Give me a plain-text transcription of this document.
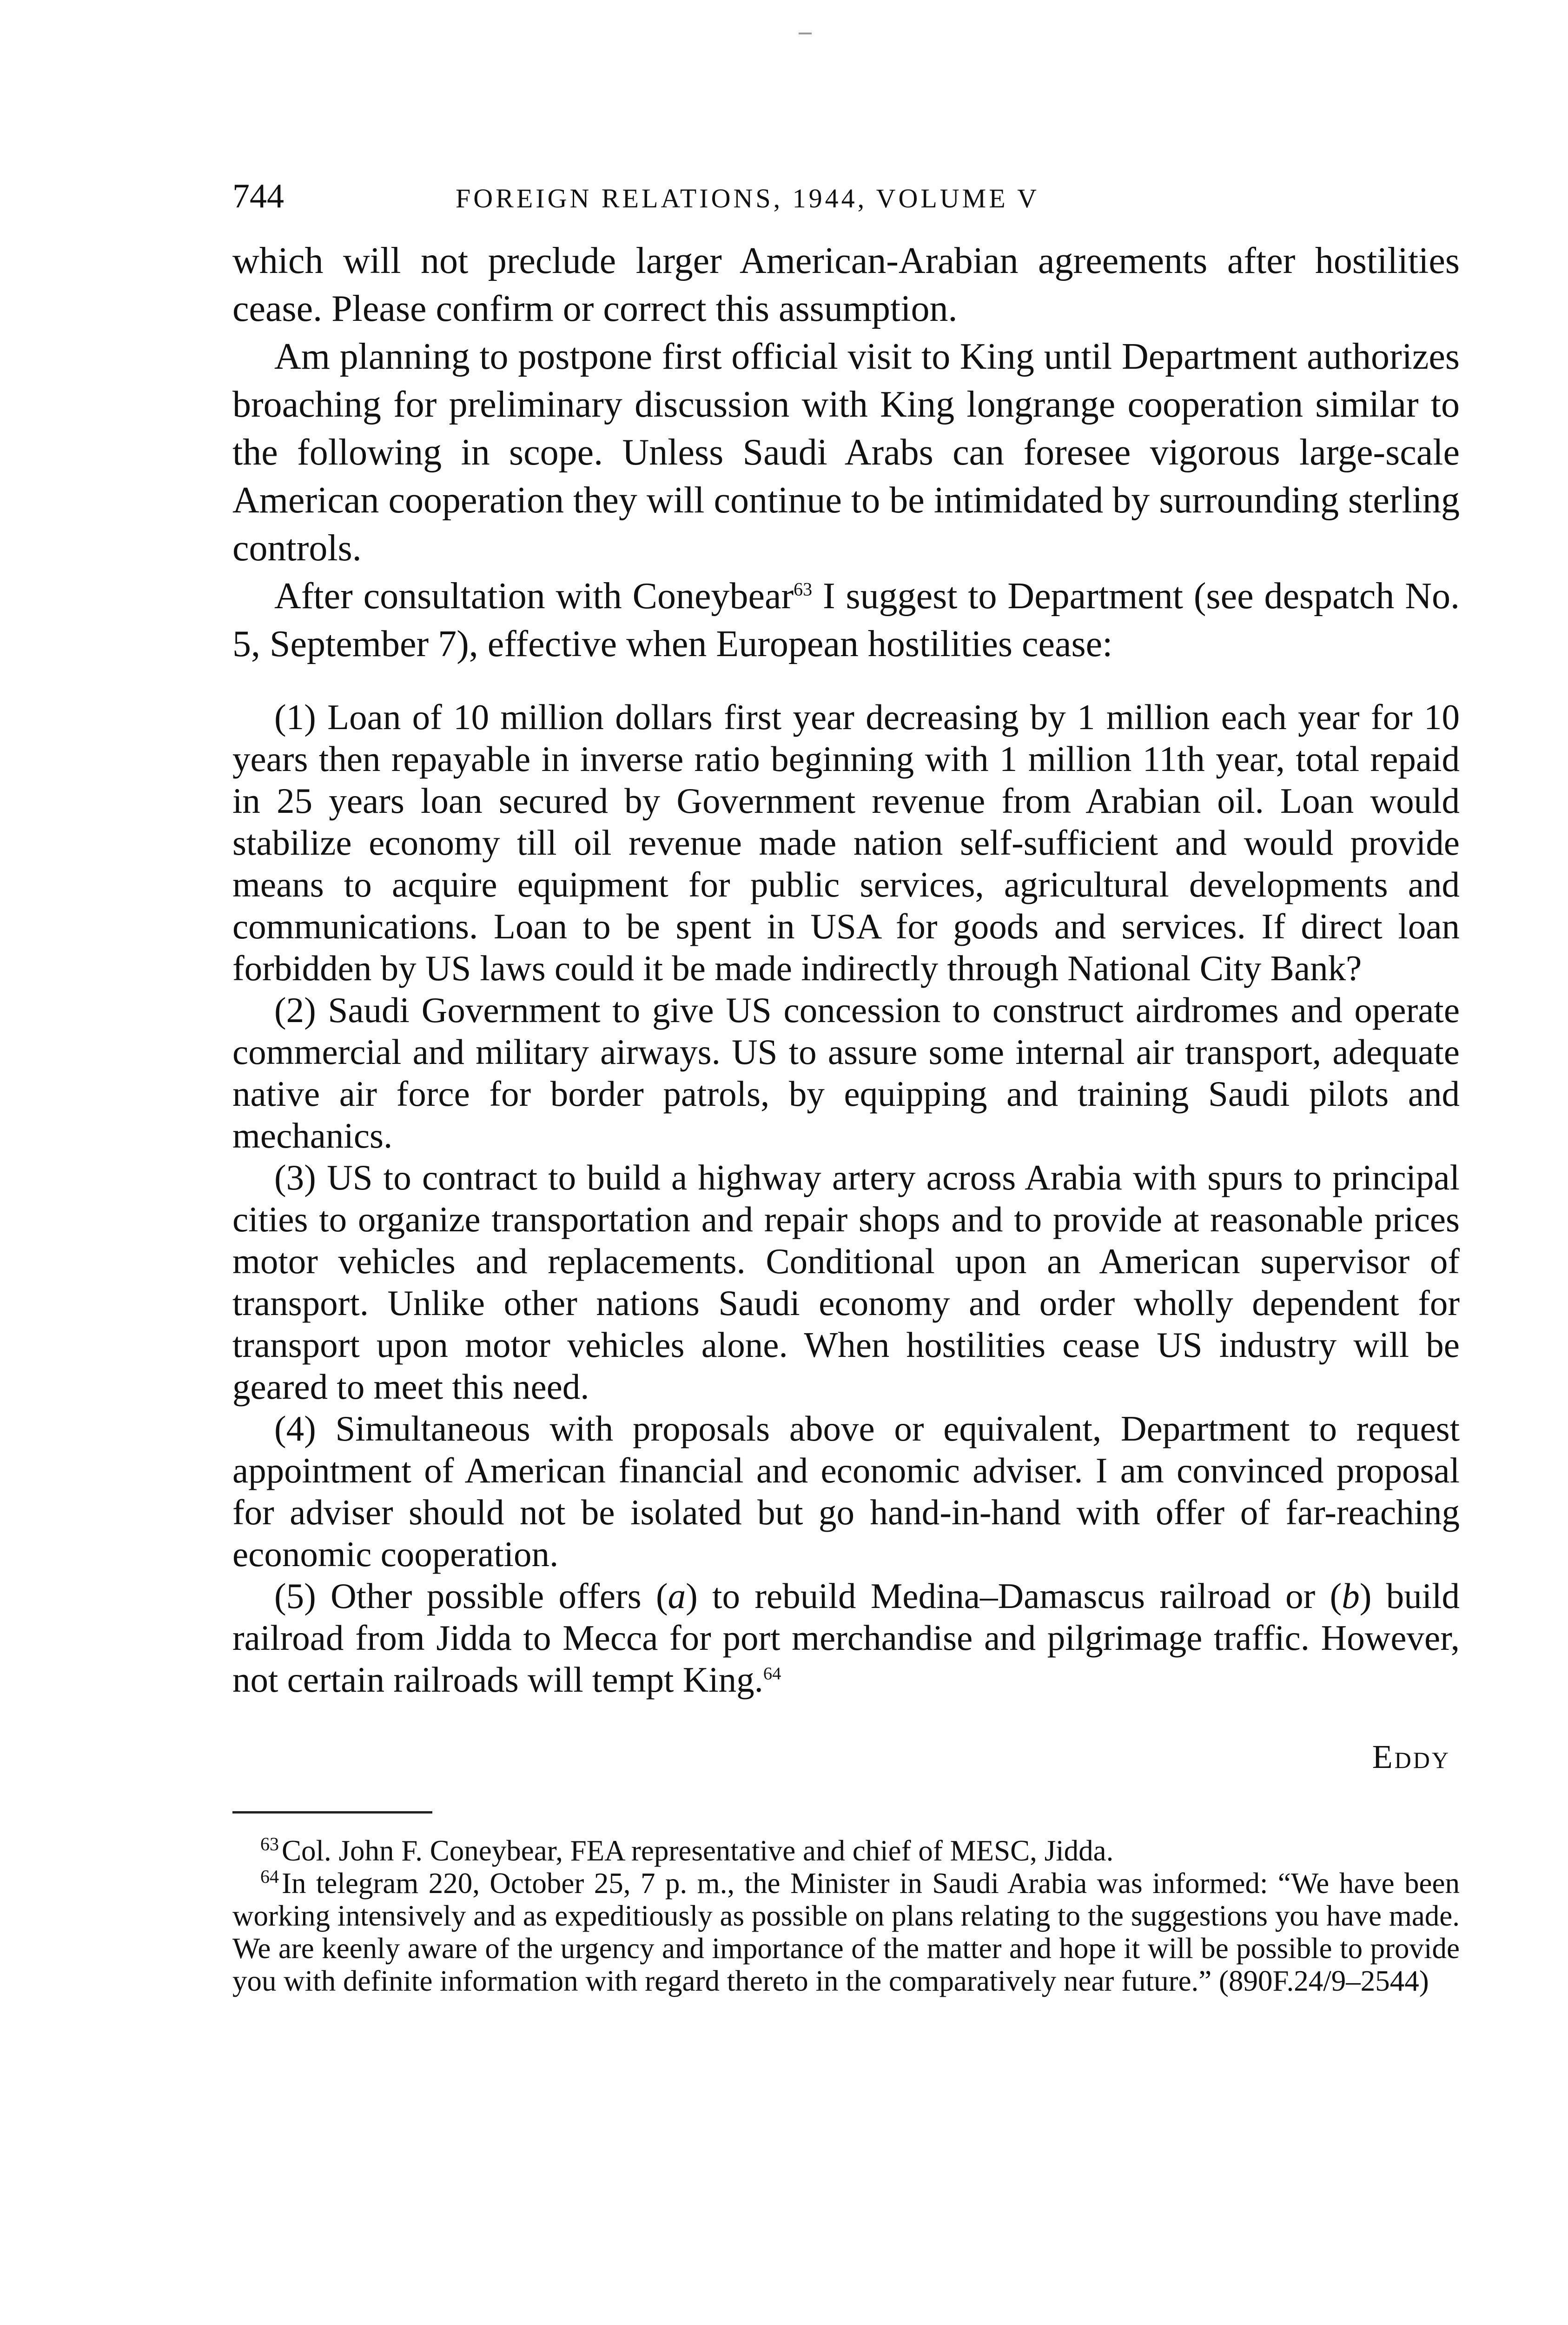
744	FOREIGN RELATIONS, 1944, VOLUME V

which will not preclude larger American-Arabian agreements after hostilities cease. Please confirm or correct this assumption.

Am planning to postpone first official visit to King until Department authorizes broaching for preliminary discussion with King longrange cooperation similar to the following in scope. Unless Saudi Arabs can foresee vigorous large-scale American cooperation they will continue to be intimidated by surrounding sterling controls.

After consultation with Coneybear$^{63}$ I suggest to Department (see despatch No. 5, September 7), effective when European hostilities cease:

(1) Loan of 10 million dollars first year decreasing by 1 million each year for 10 years then repayable in inverse ratio beginning with 1 million 11th year, total repaid in 25 years loan secured by Government revenue from Arabian oil. Loan would stabilize economy till oil revenue made nation self-sufficient and would provide means to acquire equipment for public services, agricultural developments and communications. Loan to be spent in USA for goods and services. If direct loan forbidden by US laws could it be made indirectly through National City Bank?

(2) Saudi Government to give US concession to construct airdromes and operate commercial and military airways. US to assure some internal air transport, adequate native air force for border patrols, by equipping and training Saudi pilots and mechanics.

(3) US to contract to build a highway artery across Arabia with spurs to principal cities to organize transportation and repair shops and to provide at reasonable prices motor vehicles and replacements. Conditional upon an American supervisor of transport. Unlike other nations Saudi economy and order wholly dependent for transport upon motor vehicles alone. When hostilities cease US industry will be geared to meet this need.

(4) Simultaneous with proposals above or equivalent, Department to request appointment of American financial and economic adviser. I am convinced proposal for adviser should not be isolated but go hand-in-hand with offer of far-reaching economic cooperation.

(5) Other possible offers (a) to rebuild Medina–Damascus railroad or (b) build railroad from Jidda to Mecca for port merchandise and pilgrimage traffic. However, not certain railroads will tempt King.$^{64}$

Eddy

$^{63}$Col. John F. Coneybear, FEA representative and chief of MESC, Jidda.

$^{64}$In telegram 220, October 25, 7 p. m., the Minister in Saudi Arabia was informed: “We have been working intensively and as expeditiously as possible on plans relating to the suggestions you have made. We are keenly aware of the urgency and importance of the matter and hope it will be possible to provide you with definite information with regard thereto in the comparatively near future.” (890F.24/9–2544)
